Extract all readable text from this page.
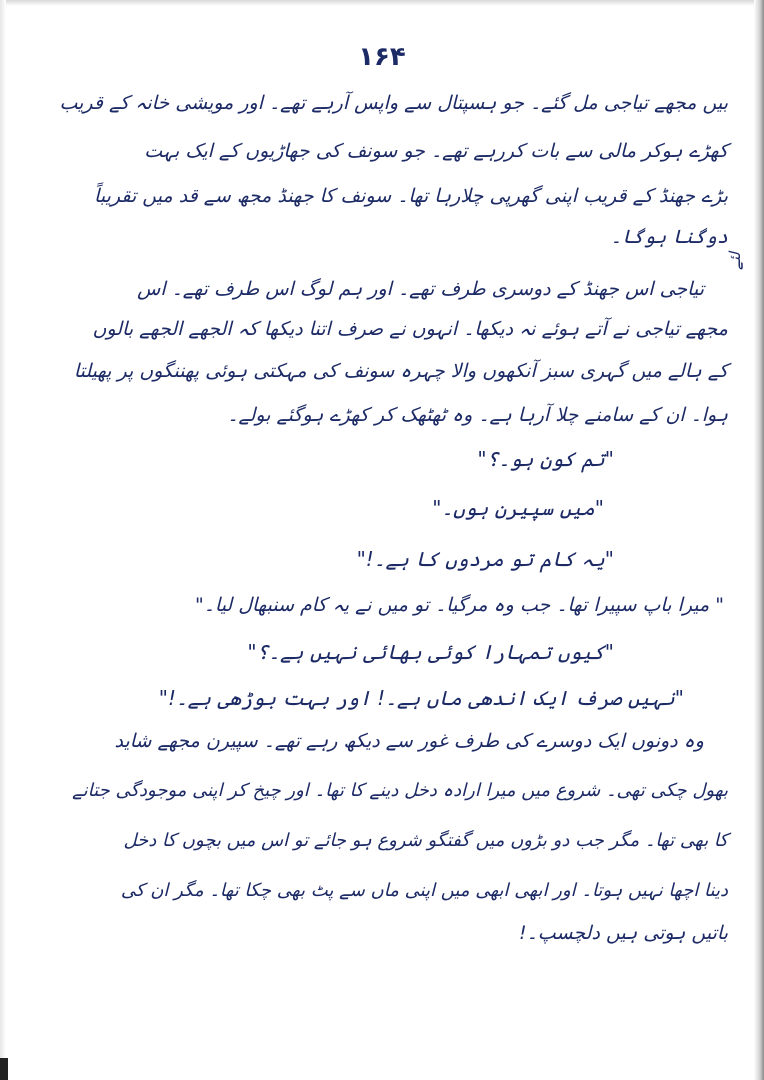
۱۶۴
لئے
بیں مجھے تیاجی مل گئے۔ جو ہسپتال سے واپس آرہے تھے۔ اور مویشی خانہ کے قریب
کھڑے ہوکر مالی سے بات کررہے تھے۔ جو سونف کی جھاڑیوں کے ایک بہت
بڑے جھنڈ کے قریب اپنی گھرپی چلارہا تھا۔ سونف کا جھنڈ مجھ سے قد میں تقریباً
دوگنا ہوگا۔
تیاجی اس جھنڈ کے دوسری طرف تھے۔ اور ہم لوگ اس طرف تھے۔ اس
مجھے تیاجی نے آتے ہوئے نہ دیکھا۔ انہوں نے صرف اتنا دیکھا کہ الجھے الجھے بالوں
کے ہالے میں گہری سبز آنکھوں والا چہرہ سونف کی مہکتی ہوئی پھننگوں پر پھیلتا
ہوا۔ ان کے سامنے چلا آرہا ہے۔ وہ ٹھٹھک کر کھڑے ہوگئے بولے۔
"تم کون ہو۔؟"
"میں سپیرن ہوں۔"
"یہ کام تو مردوں کا ہے۔!"
" میرا باپ سپیرا تھا۔ جب وہ مرگیا۔ تو میں نے یہ کام سنبھال لیا۔"
"کیوں تمہارا کوئی بھائی نہیں ہے۔؟"
"نہیں صرف ایک اندھی ماں ہے۔! اور بہت بوڑھی ہے۔!"
وہ دونوں ایک دوسرے کی طرف غور سے دیکھ رہے تھے۔ سپیرن مجھے شاید
بھول چکی تھی۔ شروع میں میرا ارادہ دخل دینے کا تھا۔ اور چیخ کر اپنی موجودگی جتانے
کا بھی تھا۔ مگر جب دو بڑوں میں گفتگو شروع ہو جائے تو اس میں بچوں کا دخل
دینا اچھا نہیں ہوتا۔ اور ابھی ابھی میں اپنی ماں سے پٹ بھی چکا تھا۔ مگر ان کی
باتیں ہوتی ہیں دلچسپ۔!
